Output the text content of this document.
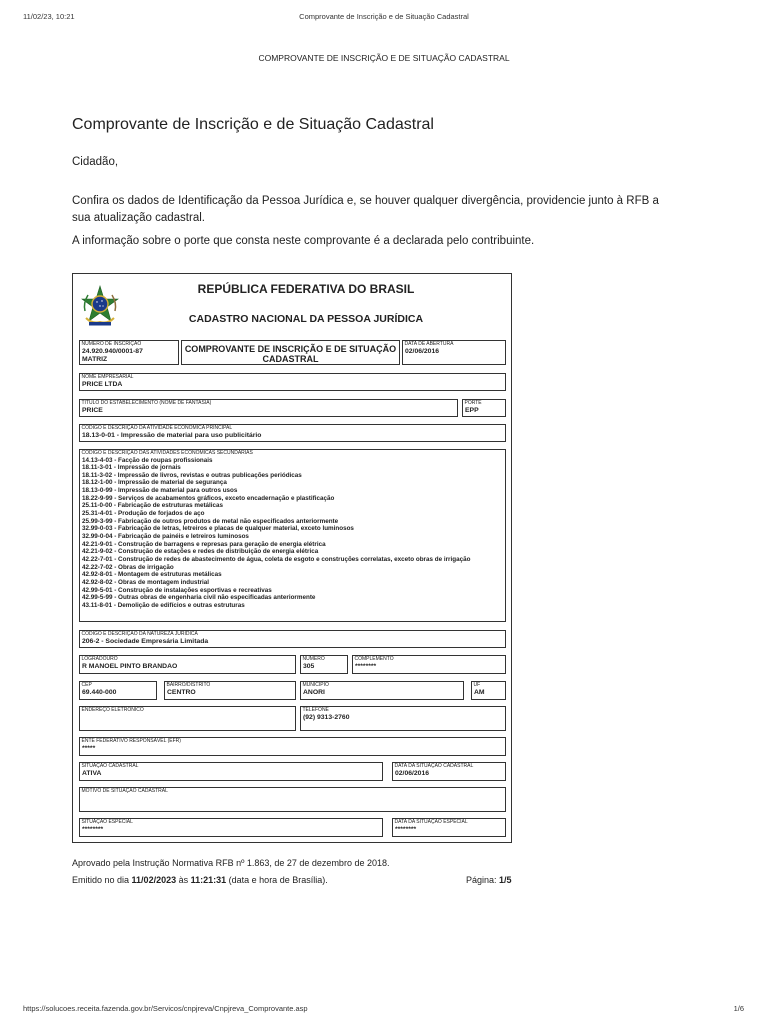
11/02/23, 10:21	Comprovante de Inscrição e de Situação Cadastral
https://solucoes.receita.fazenda.gov.br/Servicos/cnpjreva/Cnpjreva_Comprovante.asp	1/6
COMPROVANTE DE INSCRIÇÃO E DE SITUAÇÃO CADASTRAL
Comprovante de Inscrição e de Situação Cadastral
Cidadão,
Confira os dados de Identificação da Pessoa Jurídica e, se houver qualquer divergência, providencie junto à RFB a sua atualização cadastral.
A informação sobre o porte que consta neste comprovante é a declarada pelo contribuinte.
REPÚBLICA FEDERATIVA DO BRASIL
CADASTRO NACIONAL DA PESSOA JURÍDICA
NÚMERO DE INSCRIÇÃO
24.920.940/0001-87
MATRIZ
COMPROVANTE DE INSCRIÇÃO E DE SITUAÇÃO CADASTRAL
DATA DE ABERTURA
02/06/2016
NOME EMPRESARIAL
PRICE LTDA
TÍTULO DO ESTABELECIMENTO (NOME DE FANTASIA)
PRICE
PORTE
EPP
CÓDIGO E DESCRIÇÃO DA ATIVIDADE ECONÔMICA PRINCIPAL
18.13-0-01 - Impressão de material para uso publicitário
CÓDIGO E DESCRIÇÃO DAS ATIVIDADES ECONÔMICAS SECUNDÁRIAS
14.13-4-03 - Facção de roupas profissionais
18.11-3-01 - Impressão de jornais
18.11-3-02 - Impressão de livros, revistas e outras publicações periódicas
18.12-1-00 - Impressão de material de segurança
18.13-0-99 - Impressão de material para outros usos
18.22-9-99 - Serviços de acabamentos gráficos, exceto encadernação e plastificação
25.11-0-00 - Fabricação de estruturas metálicas
25.31-4-01 - Produção de forjados de aço
25.99-3-99 - Fabricação de outros produtos de metal não especificados anteriormente
32.99-0-03 - Fabricação de letras, letreiros e placas de qualquer material, exceto luminosos
32.99-0-04 - Fabricação de painéis e letreiros luminosos
42.21-9-01 - Construção de barragens e represas para geração de energia elétrica
42.21-9-02 - Construção de estações e redes de distribuição de energia elétrica
42.22-7-01 - Construção de redes de abastecimento de água, coleta de esgoto e construções correlatas, exceto obras de irrigação
42.22-7-02 - Obras de irrigação
42.92-8-01 - Montagem de estruturas metálicas
42.92-8-02 - Obras de montagem industrial
42.99-5-01 - Construção de instalações esportivas e recreativas
42.99-5-99 - Outras obras de engenharia civil não especificadas anteriormente
43.11-8-01 - Demolição de edifícios e outras estruturas
CÓDIGO E DESCRIÇÃO DA NATUREZA JURÍDICA
206-2 - Sociedade Empresária Limitada
LOGRADOURO
R MANOEL PINTO BRANDAO
NÚMERO
305
COMPLEMENTO
********
CEP
69.440-000
BAIRRO/DISTRITO
CENTRO
MUNICÍPIO
ANORI
UF
AM
ENDEREÇO ELETRÔNICO	TELEFONE
(92) 9313-2760
ENTE FEDERATIVO RESPONSÁVEL (EFR)
*****
SITUAÇÃO CADASTRAL
ATIVA
DATA DA SITUAÇÃO CADASTRAL
02/06/2016
MOTIVO DE SITUAÇÃO CADASTRAL
SITUAÇÃO ESPECIAL
********
DATA DA SITUAÇÃO ESPECIAL
********
Aprovado pela Instrução Normativa RFB nº 1.863, de 27 de dezembro de 2018.
Emitido no dia 11/02/2023 às 11:21:31 (data e hora de Brasília).	Página: 1/5
